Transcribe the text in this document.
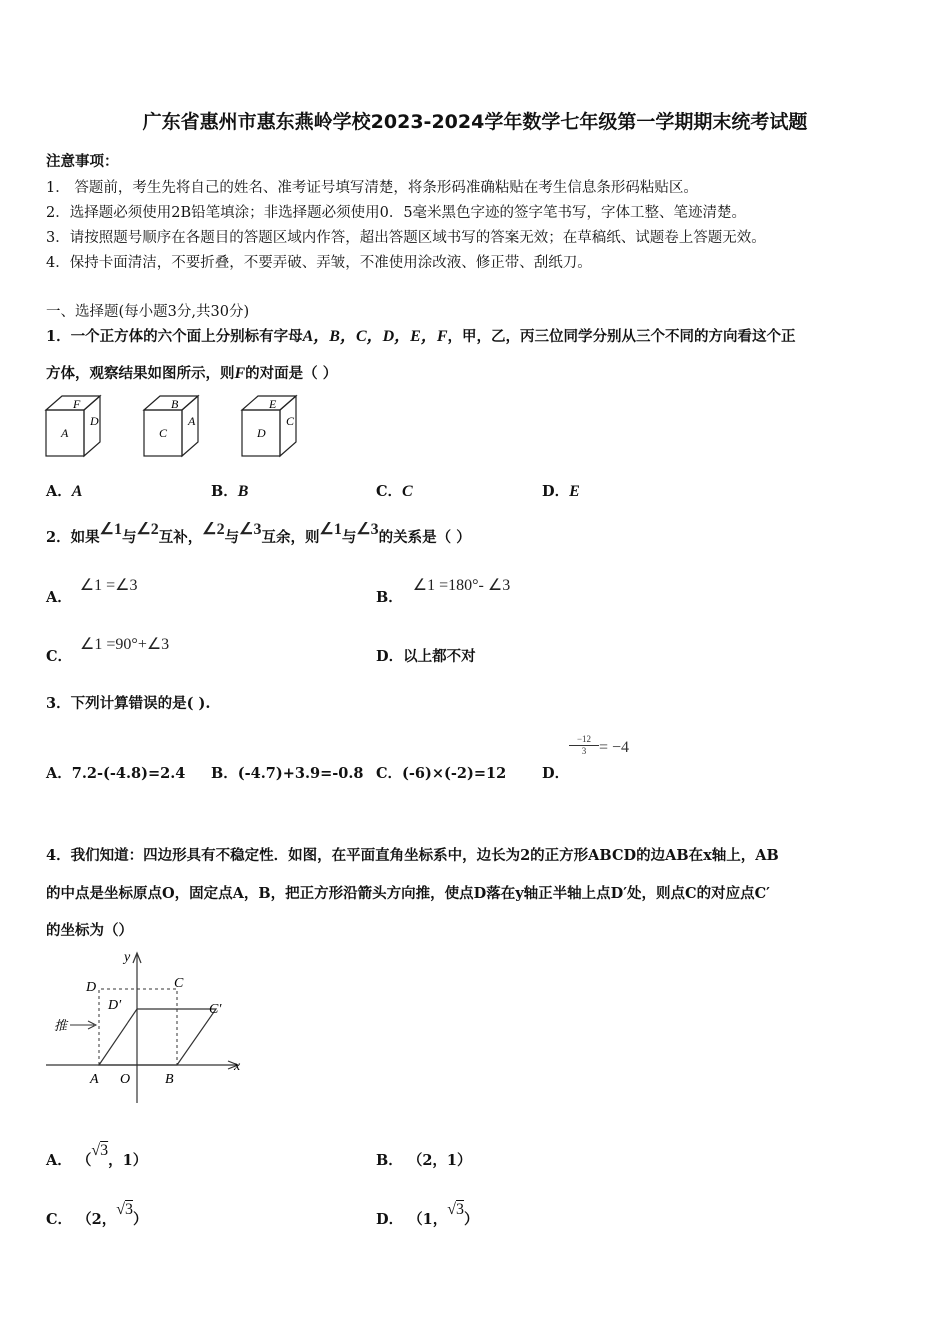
广东省惠州市惠东燕岭学校2023-2024学年数学七年级第一学期期末统考试题
注意事项：
1． 答题前，考生先将自己的姓名、准考证号填写清楚，将条形码准确粘贴在考生信息条形码粘贴区。
2．选择题必须使用2B铅笔填涂；非选择题必须使用0．5毫米黑色字迹的签字笔书写，字体工整、笔迹清楚。
3．请按照题号顺序在各题目的答题区域内作答，超出答题区域书写的答案无效；在草稿纸、试题卷上答题无效。
4．保持卡面清洁，不要折叠，不要弄破、弄皱，不准使用涂改液、修正带、刮纸刀。
一、选择题(每小题3分,共30分)
1．一个正方体的六个面上分别标有字母A，B，C，D，E，F，甲，乙，丙三位同学分别从三个不同的方向看这个正
方体，观察结果如图所示，则F的对面是（ ）
F
A
D
B
C
A
E
D
C
A．A	B．B	C．C	D．E
2．如果∠1与∠2互补，∠2与∠3互余，则∠1与∠3的关系是（ ）
A．∠1 =∠3
B．∠1 =180°- ∠3
C．∠1 =90°+∠3
D．以上都不对
3．下列计算错误的是( ).
A．7.2-(-4.8)=2.4 B．(-4.7)+3.9=-0.8 C．(-6)×(-2)=12 D．
$\frac{-12}{3} = -4$
4．我们知道：四边形具有不稳定性．如图，在平面直角坐标系中，边长为2的正方形ABCD的边AB在x轴上，AB
的中点是坐标原点O，固定点A，B，把正方形沿箭头方向推，使点D落在y轴正半轴上点D′处，则点C的对应点C′
的坐标为（）
推
y
x
O
A	B
C
D
D′	C′
A． （√3，1）	B． （2，1）
C． （2，√3）	D． （1，√3）
